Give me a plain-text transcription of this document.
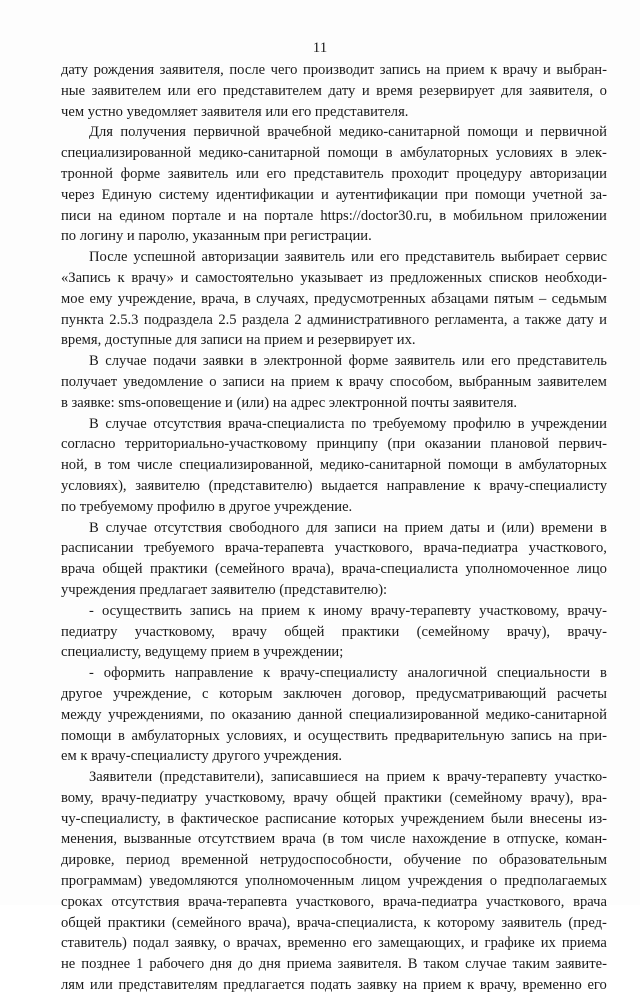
11
дату рождения заявителя, после чего производит запись на прием к врачу и выбран-
ные заявителем или его представителем дату и время резервирует для заявителя, о
чем устно уведомляет заявителя или его представителя.
Для получения первичной врачебной медико-санитарной помощи и первичной
специализированной медико-санитарной помощи в амбулаторных условиях в элек-
тронной форме заявитель или его представитель проходит процедуру авторизации
через Единую систему идентификации и аутентификации при помощи учетной за-
писи на едином портале и на портале https://doctor30.ru, в мобильном приложении
по логину и паролю, указанным при регистрации.
После успешной авторизации заявитель или его представитель выбирает сервис
«Запись к врачу» и самостоятельно указывает из предложенных списков необходи-
мое ему учреждение, врача, в случаях, предусмотренных абзацами пятым – седьмым
пункта 2.5.3 подраздела 2.5 раздела 2 административного регламента, а также дату и
время, доступные для записи на прием и резервирует их.
В случае подачи заявки в электронной форме заявитель или его представитель
получает уведомление о записи на прием к врачу способом, выбранным заявителем
в заявке: sms-оповещение и (или) на адрес электронной почты заявителя.
В случае отсутствия врача-специалиста по требуемому профилю в учреждении
согласно территориально-участковому принципу (при оказании плановой первич-
ной, в том числе специализированной, медико-санитарной помощи в амбулаторных
условиях), заявителю (представителю) выдается направление к врачу-специалисту
по требуемому профилю в другое учреждение.
В случае отсутствия свободного для записи на прием даты и (или) времени в
расписании требуемого врача-терапевта участкового, врача-педиатра участкового,
врача общей практики (семейного врача), врача-специалиста уполномоченное лицо
учреждения предлагает заявителю (представителю):
- осуществить запись на прием к иному врачу-терапевту участковому, врачу-
педиатру участковому, врачу общей практики (семейному врачу), врачу-
специалисту, ведущему прием в учреждении;
- оформить направление к врачу-специалисту аналогичной специальности в
другое учреждение, с которым заключен договор, предусматривающий расчеты
между учреждениями, по оказанию данной специализированной медико-санитарной
помощи в амбулаторных условиях, и осуществить предварительную запись на при-
ем к врачу-специалисту другого учреждения.
Заявители (представители), записавшиеся на прием к врачу-терапевту участко-
вому, врачу-педиатру участковому, врачу общей практики (семейному врачу), вра-
чу-специалисту, в фактическое расписание которых учреждением были внесены из-
менения, вызванные отсутствием врача (в том числе нахождение в отпуске, коман-
дировке, период временной нетрудоспособности, обучение по образовательным
программам) уведомляются уполномоченным лицом учреждения о предполагаемых
сроках отсутствия врача-терапевта участкового, врача-педиатра участкового, врача
общей практики (семейного врача), врача-специалиста, к которому заявитель (пред-
ставитель) подал заявку, о врачах, временно его замещающих, и графике их приема
не позднее 1 рабочего дня до дня приема заявителя. В таком случае таким заявите-
лям или представителям предлагается подать заявку на прием к врачу, временно его
